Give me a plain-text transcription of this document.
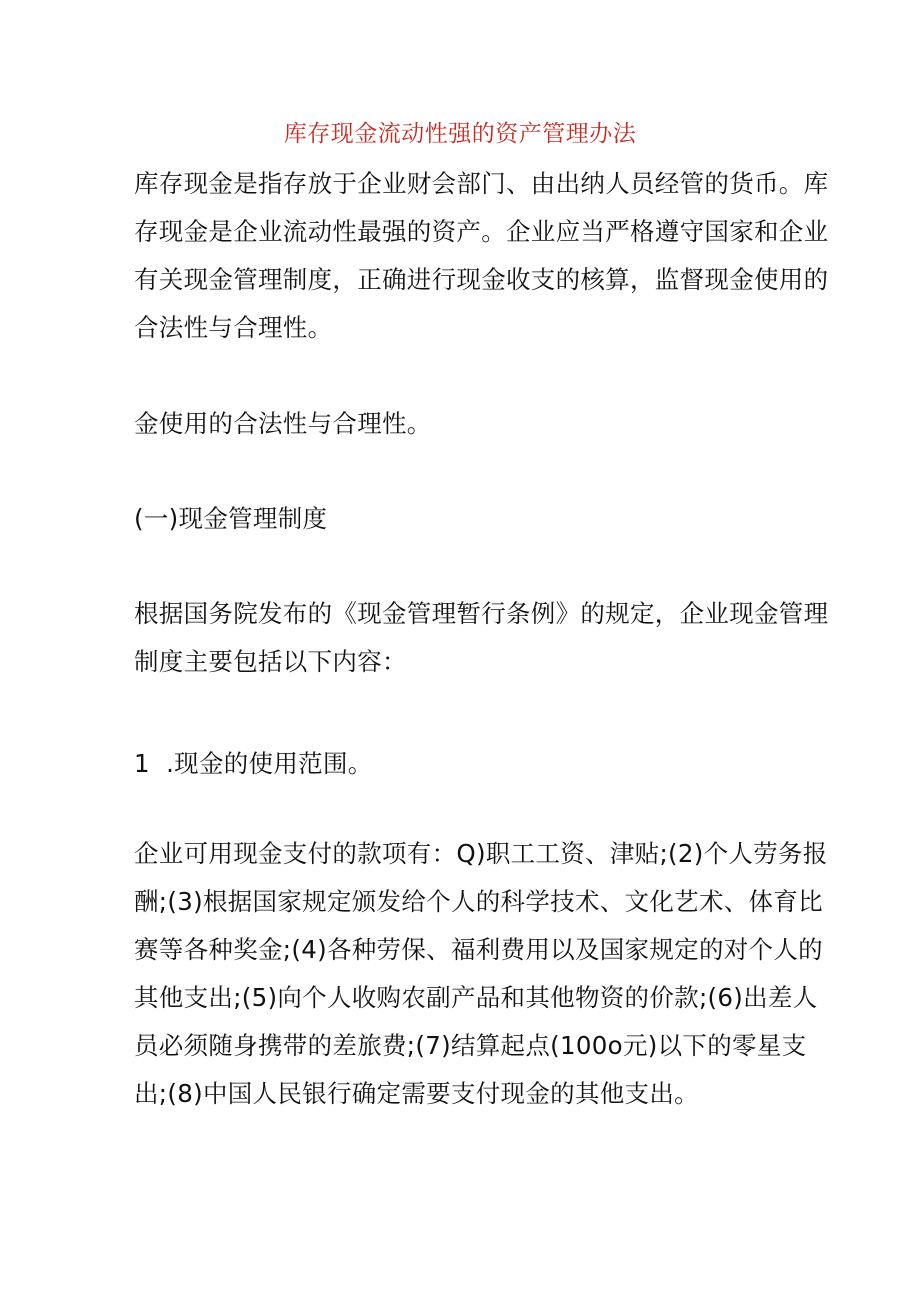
库存现金流动性强的资产管理办法
库存现金是指存放于企业财会部门、由出纳人员经管的货币。库
存现金是企业流动性最强的资产。企业应当严格遵守国家和企业
有关现金管理制度，正确进行现金收支的核算，监督现金使用的
合法性与合理性。
金使用的合法性与合理性。
(一)现金管理制度
根据国务院发布的《现金管理暂行条例》的规定，企业现金管理
制度主要包括以下内容：
1  .现金的使用范围。
企业可用现金支付的款项有：Q)职工工资、津贴;(2)个人劳务报
酬;(3)根据国家规定颁发给个人的科学技术、文化艺术、体育比
赛等各种奖金;(4)各种劳保、福利费用以及国家规定的对个人的
其他支出;(5)向个人收购农副产品和其他物资的价款;(6)出差人
员必须随身携带的差旅费;(7)结算起点(100o元)以下的零星支
出;(8)中国人民银行确定需要支付现金的其他支出。
